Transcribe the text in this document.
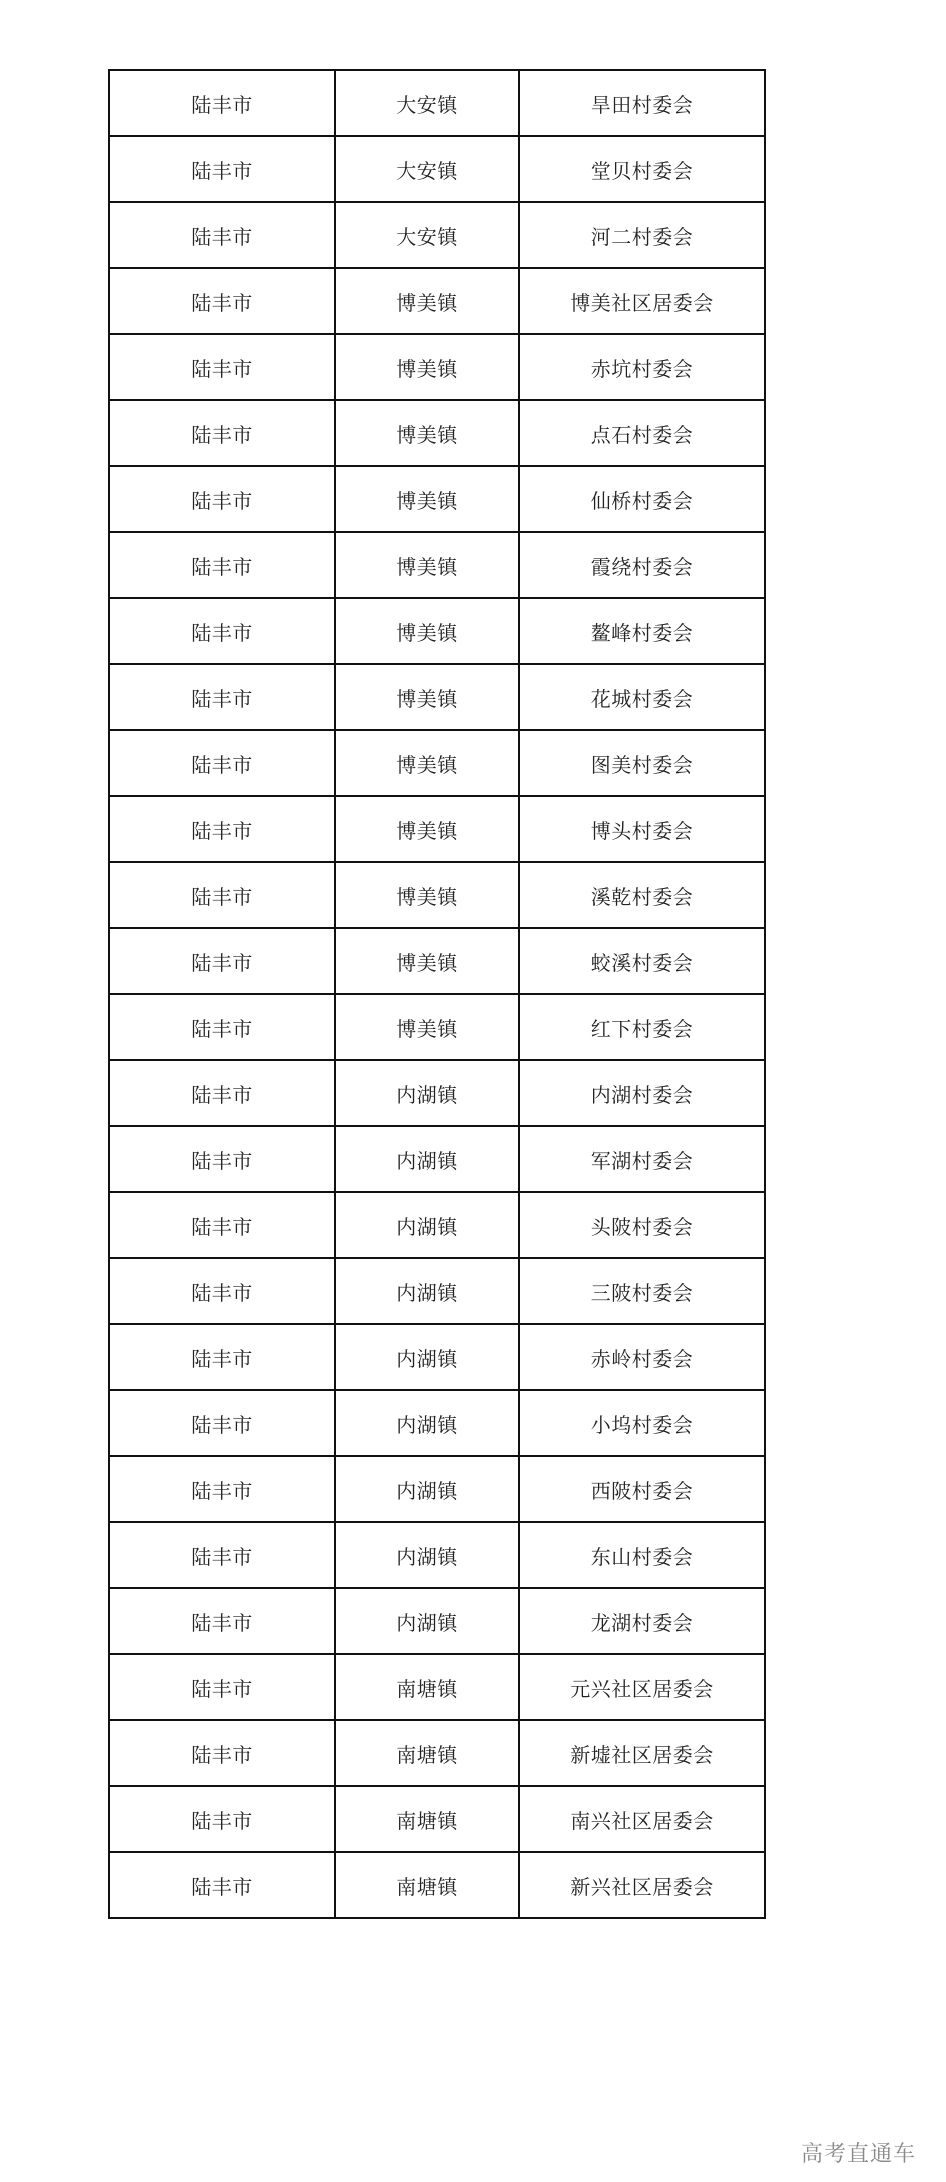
陆丰市	大安镇	旱田村委会
陆丰市	大安镇	堂贝村委会
陆丰市	大安镇	河二村委会
陆丰市	博美镇	博美社区居委会
陆丰市	博美镇	赤坑村委会
陆丰市	博美镇	点石村委会
陆丰市	博美镇	仙桥村委会
陆丰市	博美镇	霞绕村委会
陆丰市	博美镇	鳌峰村委会
陆丰市	博美镇	花城村委会
陆丰市	博美镇	图美村委会
陆丰市	博美镇	博头村委会
陆丰市	博美镇	溪乾村委会
陆丰市	博美镇	蛟溪村委会
陆丰市	博美镇	红下村委会
陆丰市	内湖镇	内湖村委会
陆丰市	内湖镇	军湖村委会
陆丰市	内湖镇	头陂村委会
陆丰市	内湖镇	三陂村委会
陆丰市	内湖镇	赤岭村委会
陆丰市	内湖镇	小坞村委会
陆丰市	内湖镇	西陂村委会
陆丰市	内湖镇	东山村委会
陆丰市	内湖镇	龙湖村委会
陆丰市	南塘镇	元兴社区居委会
陆丰市	南塘镇	新墟社区居委会
陆丰市	南塘镇	南兴社区居委会
陆丰市	南塘镇	新兴社区居委会
高考直通车
